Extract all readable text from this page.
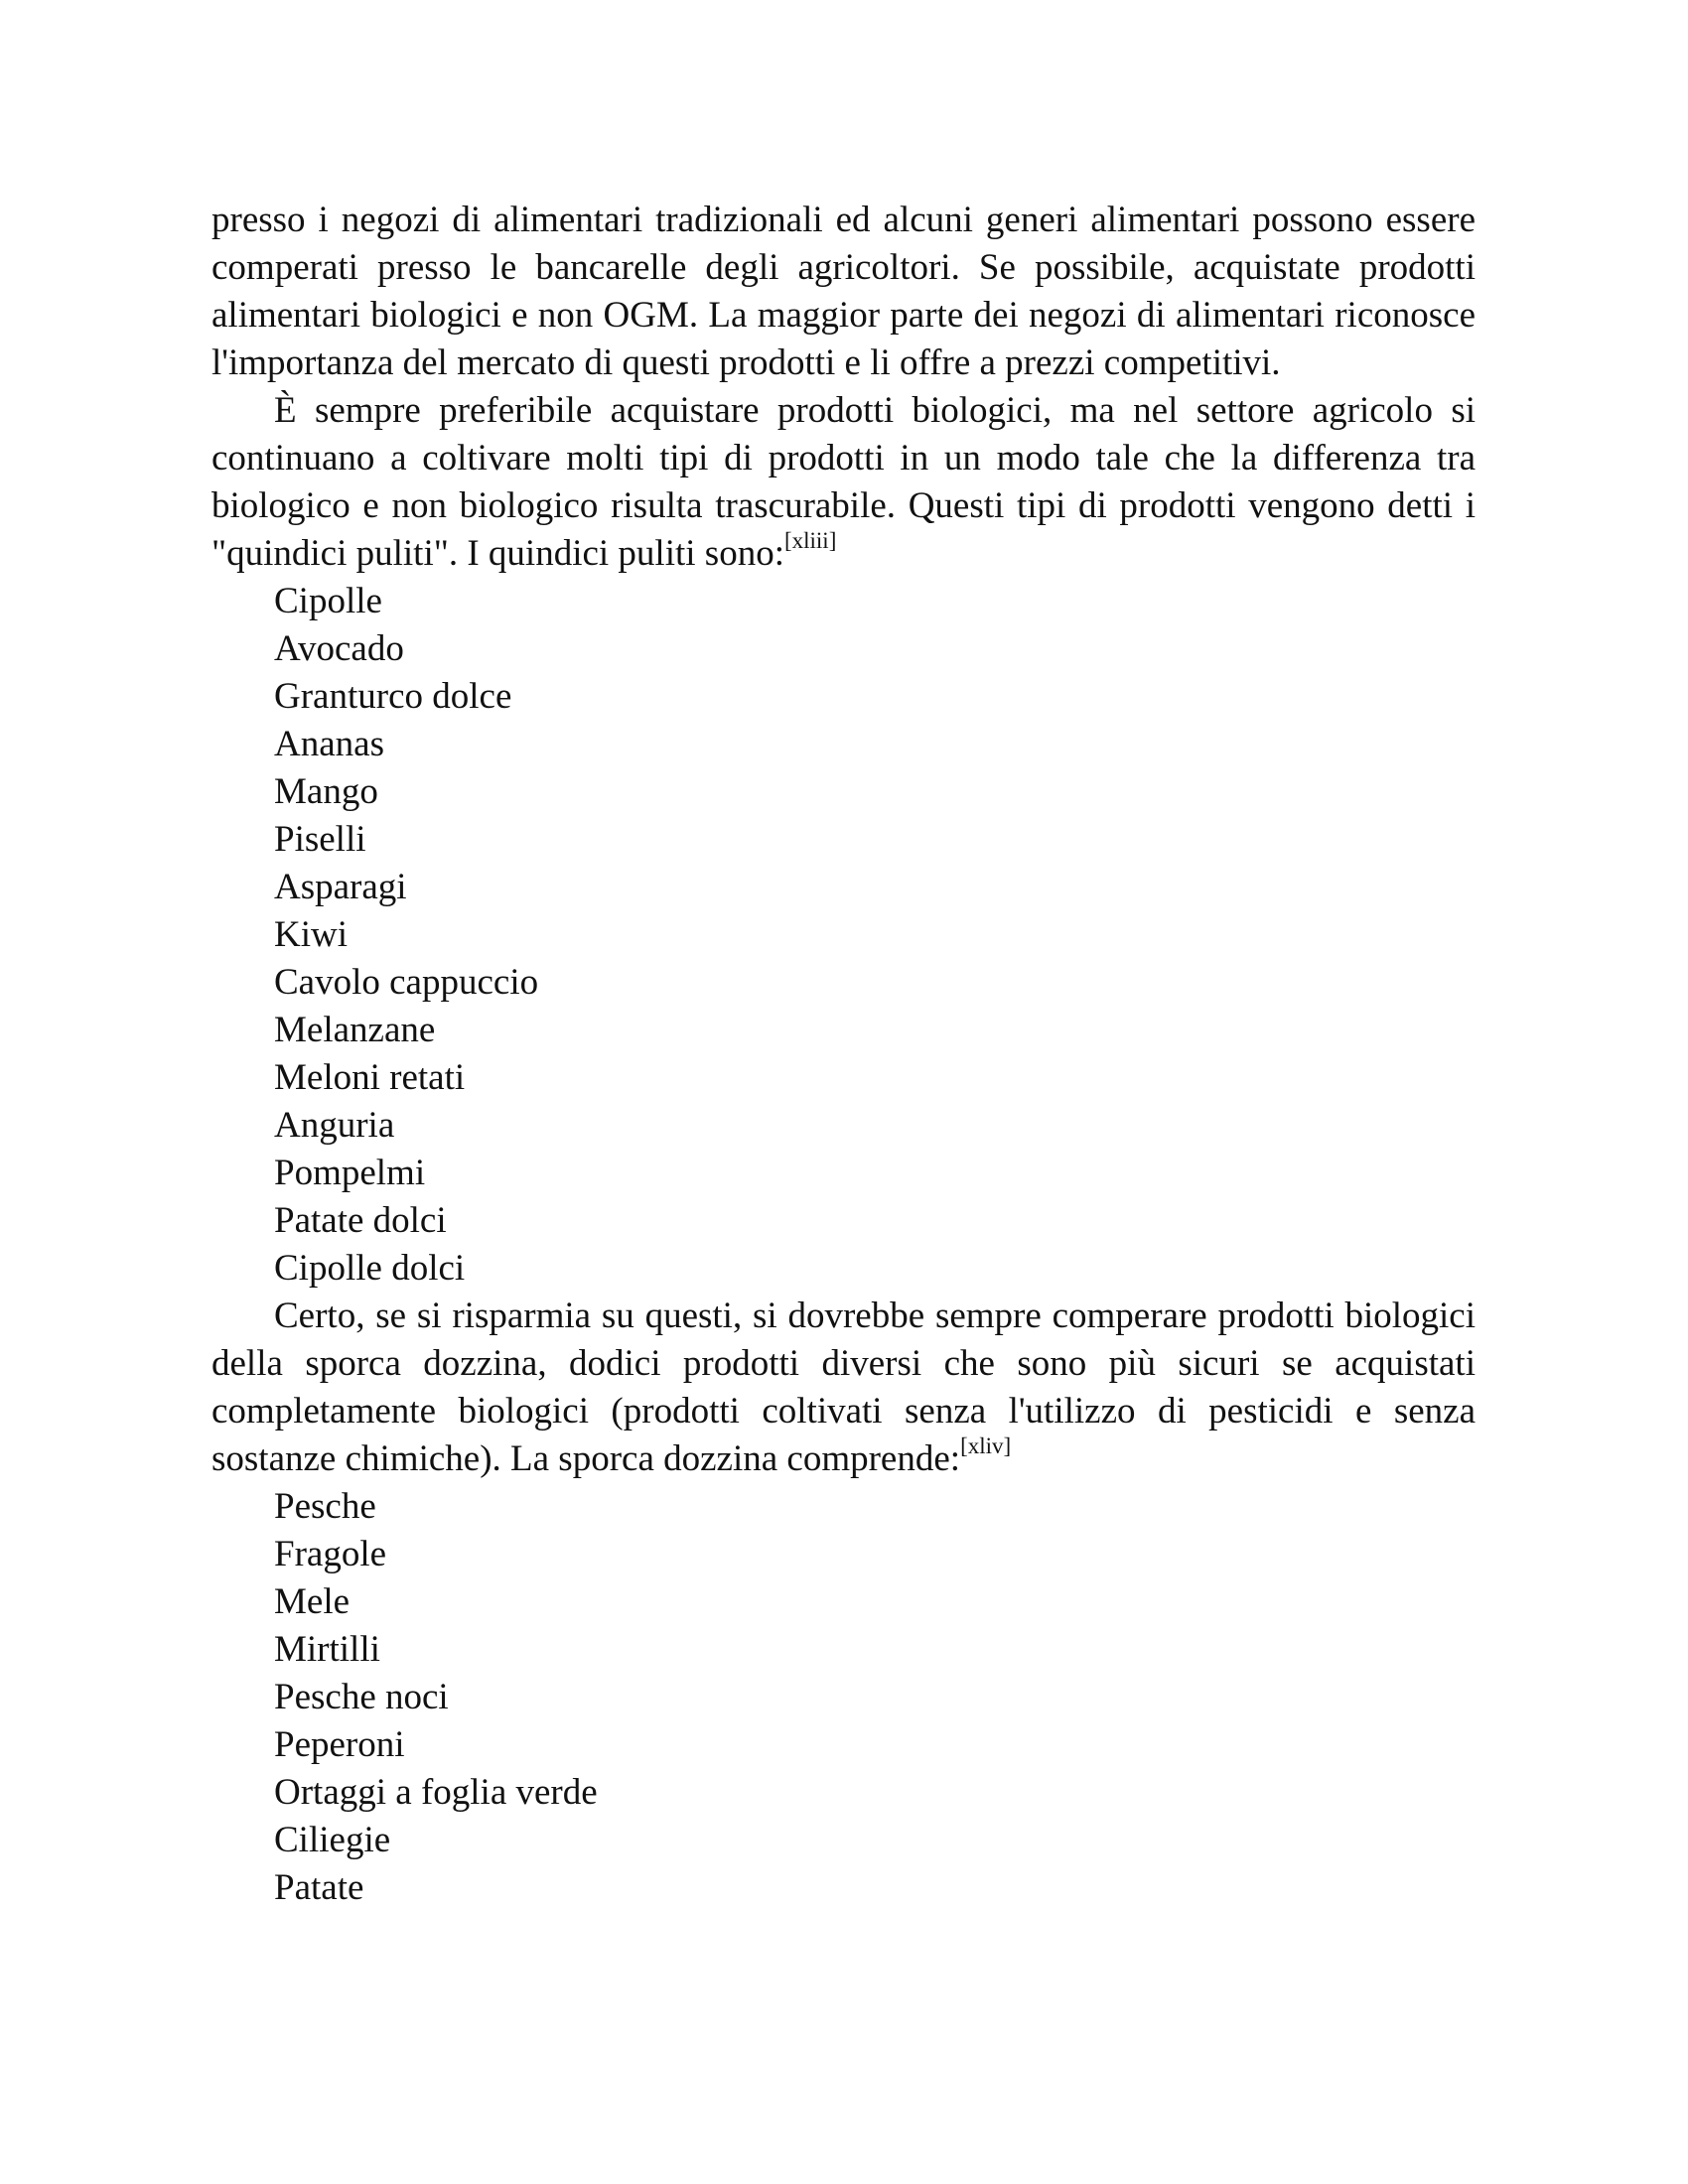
presso i negozi di alimentari tradizionali ed alcuni generi alimentari possono essere comperati presso le bancarelle degli agricoltori. Se possibile, acquistate prodotti alimentari biologici e non OGM. La maggior parte dei negozi di alimentari riconosce l'importanza del mercato di questi prodotti e li offre a prezzi competitivi.

È sempre preferibile acquistare prodotti biologici, ma nel settore agricolo si continuano a coltivare molti tipi di prodotti in un modo tale che la differenza tra biologico e non biologico risulta trascurabile. Questi tipi di prodotti vengono detti i "quindici puliti". I quindici puliti sono:[xliii]

Cipolle
Avocado
Granturco dolce
Ananas
Mango
Piselli
Asparagi
Kiwi
Cavolo cappuccio
Melanzane
Meloni retati
Anguria
Pompelmi
Patate dolci
Cipolle dolci

Certo, se si risparmia su questi, si dovrebbe sempre comperare prodotti biologici della sporca dozzina, dodici prodotti diversi che sono più sicuri se acquistati completamente biologici (prodotti coltivati senza l'utilizzo di pesticidi e senza sostanze chimiche). La sporca dozzina comprende:[xliv]

Pesche
Fragole
Mele
Mirtilli
Pesche noci
Peperoni
Ortaggi a foglia verde
Ciliegie
Patate
